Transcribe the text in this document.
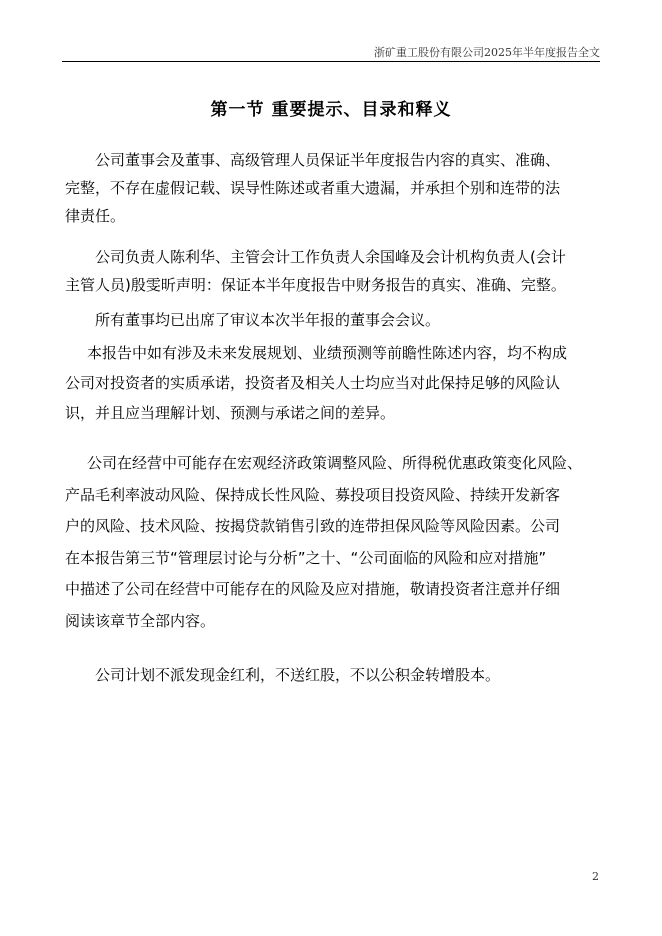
浙矿重工股份有限公司2025年半年度报告全文
第一节 重要提示、目录和释义

公司董事会及董事、高级管理人员保证半年度报告内容的真实、准确、
完整，不存在虚假记载、误导性陈述或者重大遗漏，并承担个别和连带的法
律责任。

公司负责人陈利华、主管会计工作负责人余国峰及会计机构负责人(会计
主管人员)殷雯昕声明：保证本半年度报告中财务报告的真实、准确、完整。

所有董事均已出席了审议本次半年报的董事会会议。

本报告中如有涉及未来发展规划、业绩预测等前瞻性陈述内容，均不构成
公司对投资者的实质承诺，投资者及相关人士均应当对此保持足够的风险认
识，并且应当理解计划、预测与承诺之间的差异。

公司在经营中可能存在宏观经济政策调整风险、所得税优惠政策变化风险、
产品毛利率波动风险、保持成长性风险、募投项目投资风险、持续开发新客
户的风险、技术风险、按揭贷款销售引致的连带担保风险等风险因素。公司
在本报告第三节“管理层讨论与分析”之十、“公司面临的风险和应对措施”
中描述了公司在经营中可能存在的风险及应对措施，敬请投资者注意并仔细
阅读该章节全部内容。

公司计划不派发现金红利，不送红股，不以公积金转增股本。

2
